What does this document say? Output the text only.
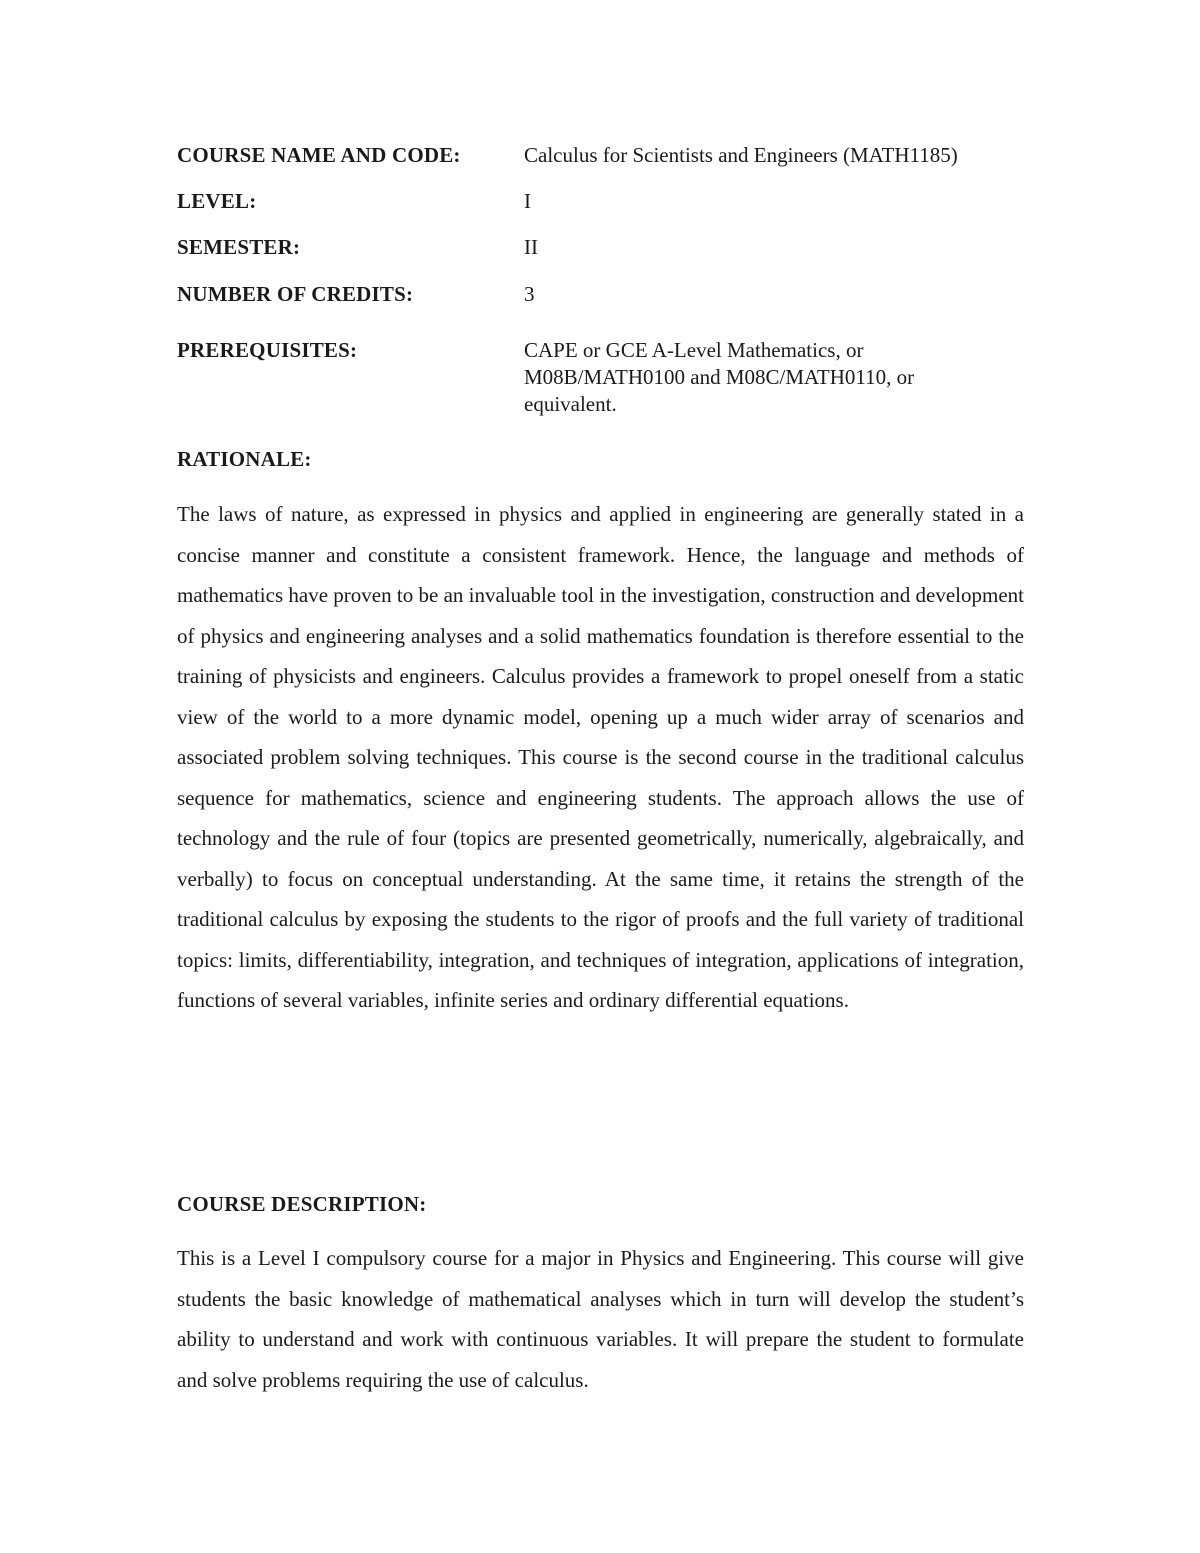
COURSE NAME AND CODE:	Calculus for Scientists and Engineers (MATH1185)
LEVEL:	I
SEMESTER:	II
NUMBER OF CREDITS:	3
PREREQUISITES:	CAPE or GCE A-Level Mathematics, or M08B/MATH0100 and M08C/MATH0110, or equivalent.
RATIONALE:

The laws of nature, as expressed in physics and applied in engineering are generally stated in a concise manner and constitute a consistent framework. Hence, the language and methods of mathematics have proven to be an invaluable tool in the investigation, construction and development of physics and engineering analyses and a solid mathematics foundation is therefore essential to the training of physicists and engineers. Calculus provides a framework to propel oneself from a static view of the world to a more dynamic model, opening up a much wider array of scenarios and associated problem solving techniques. This course is the second course in the traditional calculus sequence for mathematics, science and engineering students. The approach allows the use of technology and the rule of four (topics are presented geometrically, numerically, algebraically, and verbally) to focus on conceptual understanding. At the same time, it retains the strength of the traditional calculus by exposing the students to the rigor of proofs and the full variety of traditional topics: limits, differentiability, integration, and techniques of integration, applications of integration, functions of several variables, infinite series and ordinary differential equations.

COURSE DESCRIPTION:

This is a Level I compulsory course for a major in Physics and Engineering. This course will give students the basic knowledge of mathematical analyses which in turn will develop the student’s ability to understand and work with continuous variables. It will prepare the student to formulate and solve problems requiring the use of calculus.
